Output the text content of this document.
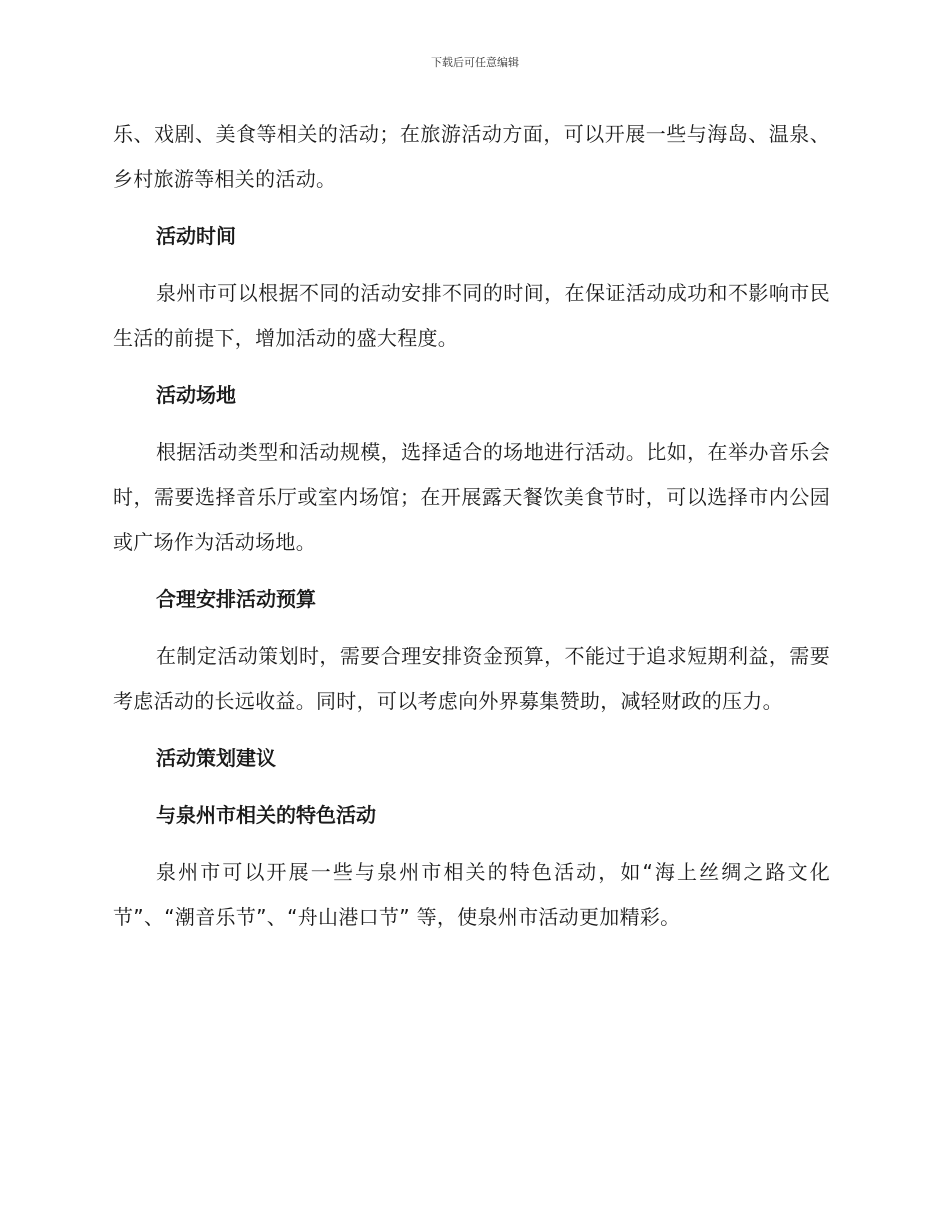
下载后可任意编辑

乐、戏剧、美食等相关的活动；在旅游活动方面，可以开展一些与海岛、温泉、乡村旅游等相关的活动。

活动时间

泉州市可以根据不同的活动安排不同的时间，在保证活动成功和不影响市民生活的前提下，增加活动的盛大程度。

活动场地

根据活动类型和活动规模，选择适合的场地进行活动。比如，在举办音乐会时，需要选择音乐厅或室内场馆；在开展露天餐饮美食节时，可以选择市内公园或广场作为活动场地。

合理安排活动预算

在制定活动策划时，需要合理安排资金预算，不能过于追求短期利益，需要考虑活动的长远收益。同时，可以考虑向外界募集赞助，减轻财政的压力。

活动策划建议
与泉州市相关的特色活动

泉州市可以开展一些与泉州市相关的特色活动，如“海上丝绸之路文化节”、“潮音乐节”、“舟山港口节” 等，使泉州市活动更加精彩。
